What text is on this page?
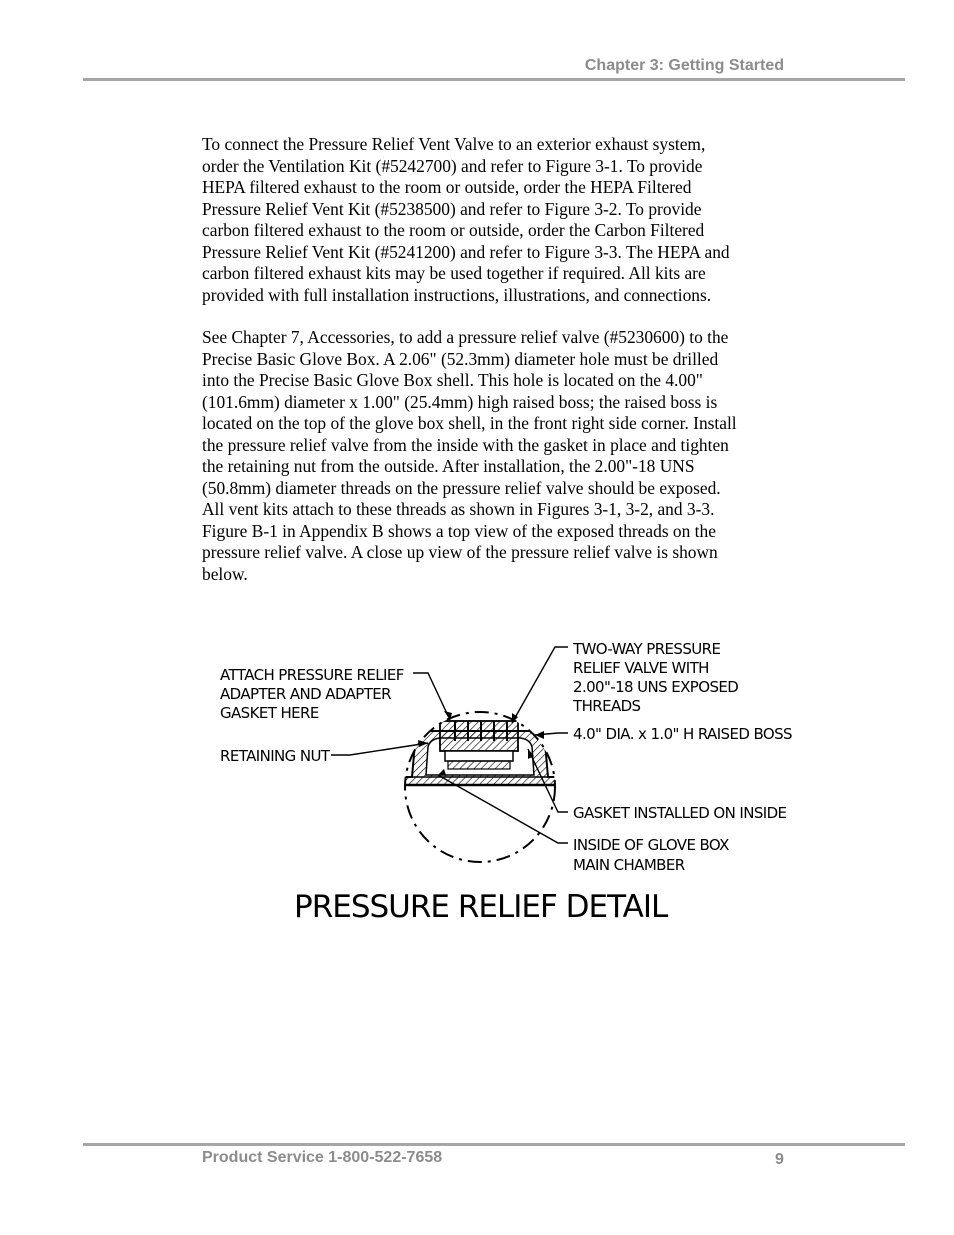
Chapter 3: Getting Started
To connect the Pressure Relief Vent Valve to an exterior exhaust system,
order the Ventilation Kit (#5242700) and refer to Figure 3-1. To provide
HEPA filtered exhaust to the room or outside, order the HEPA Filtered
Pressure Relief Vent Kit (#5238500) and refer to Figure 3-2. To provide
carbon filtered exhaust to the room or outside, order the Carbon Filtered
Pressure Relief Vent Kit (#5241200) and refer to Figure 3-3. The HEPA and
carbon filtered exhaust kits may be used together if required. All kits are
provided with full installation instructions, illustrations, and connections.
See Chapter 7, Accessories, to add a pressure relief valve (#5230600) to the
Precise Basic Glove Box. A 2.06" (52.3mm) diameter hole must be drilled
into the Precise Basic Glove Box shell. This hole is located on the 4.00"
(101.6mm) diameter x 1.00" (25.4mm) high raised boss; the raised boss is
located on the top of the glove box shell, in the front right side corner. Install
the pressure relief valve from the inside with the gasket in place and tighten
the retaining nut from the outside. After installation, the 2.00"-18 UNS
(50.8mm) diameter threads on the pressure relief valve should be exposed.
All vent kits attach to these threads as shown in Figures 3-1, 3-2, and 3-3.
Figure B-1 in Appendix B shows a top view of the exposed threads on the
pressure relief valve. A close up view of the pressure relief valve is shown
below.
ATTACH PRESSURE RELIEF
ADAPTER AND ADAPTER
GASKET HERE
RETAINING NUT
TWO-WAY PRESSURE
RELIEF VALVE WITH
2.00"-18 UNS EXPOSED
THREADS
4.0" DIA. x 1.0" H RAISED BOSS
GASKET INSTALLED ON INSIDE
INSIDE OF GLOVE BOX
MAIN CHAMBER
PRESSURE RELIEF DETAIL
Product Service 1-800-522-7658	9
